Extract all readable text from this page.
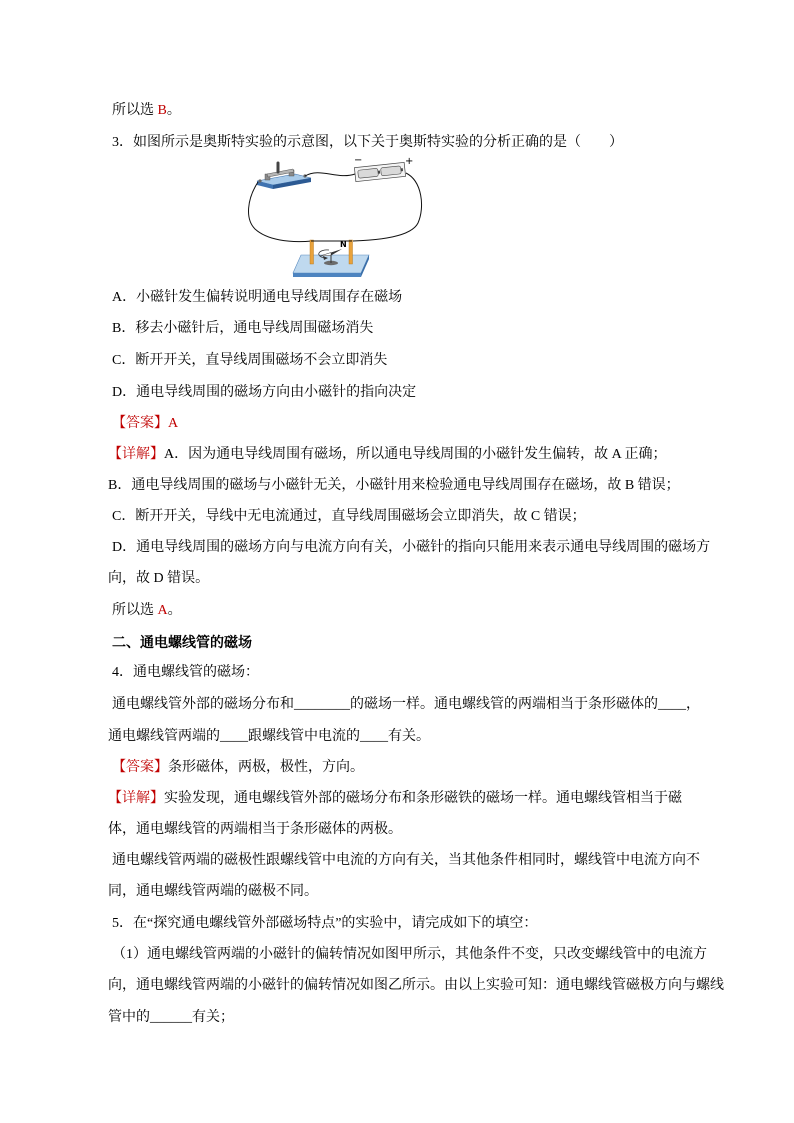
所以选 B。
3．如图所示是奥斯特实验的示意图，以下关于奥斯特实验的分析正确的是（　　）
−	+
N
A．小磁针发生偏转说明通电导线周围存在磁场
B．移去小磁针后，通电导线周围磁场消失
C．断开开关，直导线周围磁场不会立即消失
D．通电导线周围的磁场方向由小磁针的指向决定
【答案】A
【详解】A．因为通电导线周围有磁场，所以通电导线周围的小磁针发生偏转，故 A 正确；
B．通电导线周围的磁场与小磁针无关，小磁针用来检验通电导线周围存在磁场，故 B 错误；
C．断开开关，导线中无电流通过，直导线周围磁场会立即消失，故 C 错误；
D．通电导线周围的磁场方向与电流方向有关，小磁针的指向只能用来表示通电导线周围的磁场方
向，故 D 错误。
所以选 A。
二、通电螺线管的磁场
4．通电螺线管的磁场：
通电螺线管外部的磁场分布和________的磁场一样。通电螺线管的两端相当于条形磁体的____，
通电螺线管两端的____跟螺线管中电流的____有关。
【答案】条形磁体，两极，极性，方向。
【详解】实验发现，通电螺线管外部的磁场分布和条形磁铁的磁场一样。通电螺线管相当于磁
体，通电螺线管的两端相当于条形磁体的两极。
通电螺线管两端的磁极性跟螺线管中电流的方向有关，当其他条件相同时，螺线管中电流方向不
同，通电螺线管两端的磁极不同。
5．在“探究通电螺线管外部磁场特点”的实验中，请完成如下的填空：
（1）通电螺线管两端的小磁针的偏转情况如图甲所示，其他条件不变，只改变螺线管中的电流方
向，通电螺线管两端的小磁针的偏转情况如图乙所示。由以上实验可知：通电螺线管磁极方向与螺线
管中的______有关；
